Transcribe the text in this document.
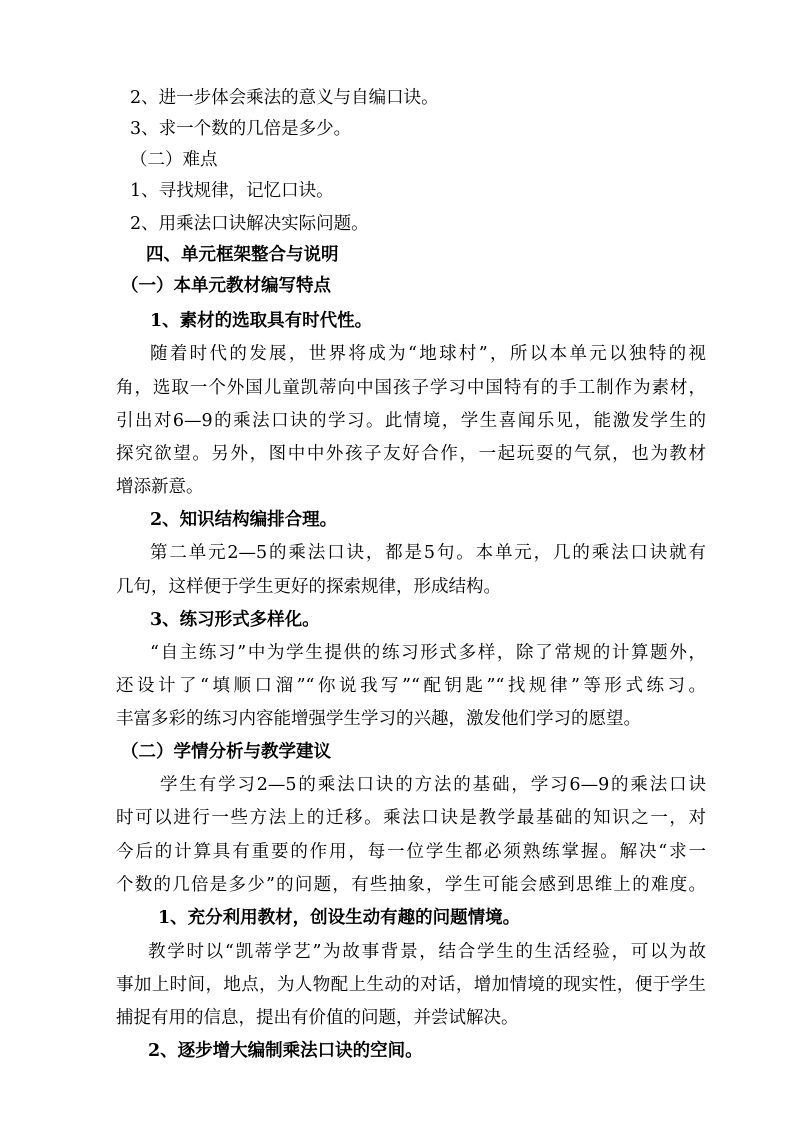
2、进一步体会乘法的意义与自编口诀。
3、求一个数的几倍是多少。
（二）难点
1、寻找规律，记忆口诀。
2、用乘法口诀解决实际问题。
四、单元框架整合与说明
（一）本单元教材编写特点
1、素材的选取具有时代性。
随着时代的发展，世界将成为“地球村”，所以本单元以独特的视
角，选取一个外国儿童凯蒂向中国孩子学习中国特有的手工制作为素材，
引出对6—9的乘法口诀的学习。此情境，学生喜闻乐见，能激发学生的
探究欲望。另外，图中中外孩子友好合作，一起玩耍的气氛，也为教材
增添新意。
2、知识结构编排合理。
第二单元2—5的乘法口诀，都是5句。本单元，几的乘法口诀就有
几句，这样便于学生更好的探索规律，形成结构。
3、练习形式多样化。
“自主练习”中为学生提供的练习形式多样，除了常规的计算题外，
还设计了“填顺口溜”“你说我写”“配钥匙”“找规律”等形式练习。
丰富多彩的练习内容能增强学生学习的兴趣，激发他们学习的愿望。
（二）学情分析与教学建议
学生有学习2—5的乘法口诀的方法的基础，学习6—9的乘法口诀
时可以进行一些方法上的迁移。乘法口诀是教学最基础的知识之一，对
今后的计算具有重要的作用，每一位学生都必须熟练掌握。解决“求一
个数的几倍是多少”的问题，有些抽象，学生可能会感到思维上的难度。
1、充分利用教材，创设生动有趣的问题情境。
教学时以“凯蒂学艺”为故事背景，结合学生的生活经验，可以为故
事加上时间，地点，为人物配上生动的对话，增加情境的现实性，便于学生
捕捉有用的信息，提出有价值的问题，并尝试解决。
2、逐步增大编制乘法口诀的空间。
